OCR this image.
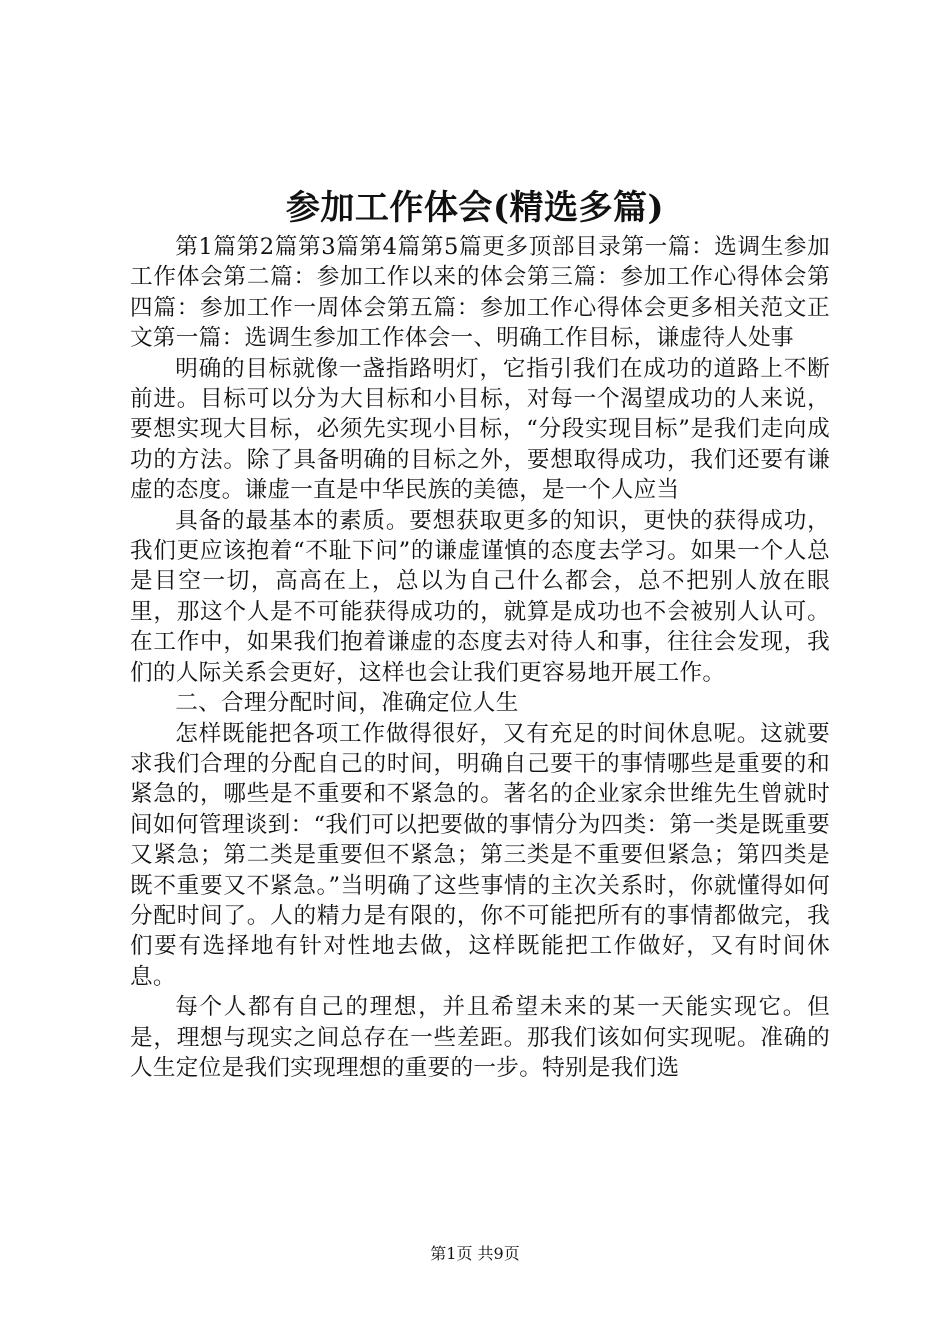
参加工作体会(精选多篇)

第1篇第2篇第3篇第4篇第5篇更多顶部目录第一篇：选调生参加工作体会第二篇：参加工作以来的体会第三篇：参加工作心得体会第四篇：参加工作一周体会第五篇：参加工作心得体会更多相关范文正文第一篇：选调生参加工作体会一、明确工作目标，谦虚待人处事

明确的目标就像一盏指路明灯，它指引我们在成功的道路上不断前进。目标可以分为大目标和小目标，对每一个渴望成功的人来说，要想实现大目标，必须先实现小目标，“分段实现目标”是我们走向成功的方法。除了具备明确的目标之外，要想取得成功，我们还要有谦虚的态度。谦虚一直是中华民族的美德，是一个人应当

具备的最基本的素质。要想获取更多的知识，更快的获得成功，我们更应该抱着“不耻下问”的谦虚谨慎的态度去学习。如果一个人总是目空一切，高高在上，总以为自己什么都会，总不把别人放在眼里，那这个人是不可能获得成功的，就算是成功也不会被别人认可。在工作中，如果我们抱着谦虚的态度去对待人和事，往往会发现，我们的人际关系会更好，这样也会让我们更容易地开展工作。

二、合理分配时间，准确定位人生

怎样既能把各项工作做得很好，又有充足的时间休息呢。这就要求我们合理的分配自己的时间，明确自己要干的事情哪些是重要的和紧急的，哪些是不重要和不紧急的。著名的企业家余世维先生曾就时间如何管理谈到：“我们可以把要做的事情分为四类：第一类是既重要又紧急；第二类是重要但不紧急；第三类是不重要但紧急；第四类是既不重要又不紧急。”当明确了这些事情的主次关系时，你就懂得如何分配时间了。人的精力是有限的，你不可能把所有的事情都做完，我们要有选择地有针对性地去做，这样既能把工作做好，又有时间休息。

每个人都有自己的理想，并且希望未来的某一天能实现它。但是，理想与现实之间总存在一些差距。那我们该如何实现呢。准确的人生定位是我们实现理想的重要的一步。特别是我们选

第1页 共9页
